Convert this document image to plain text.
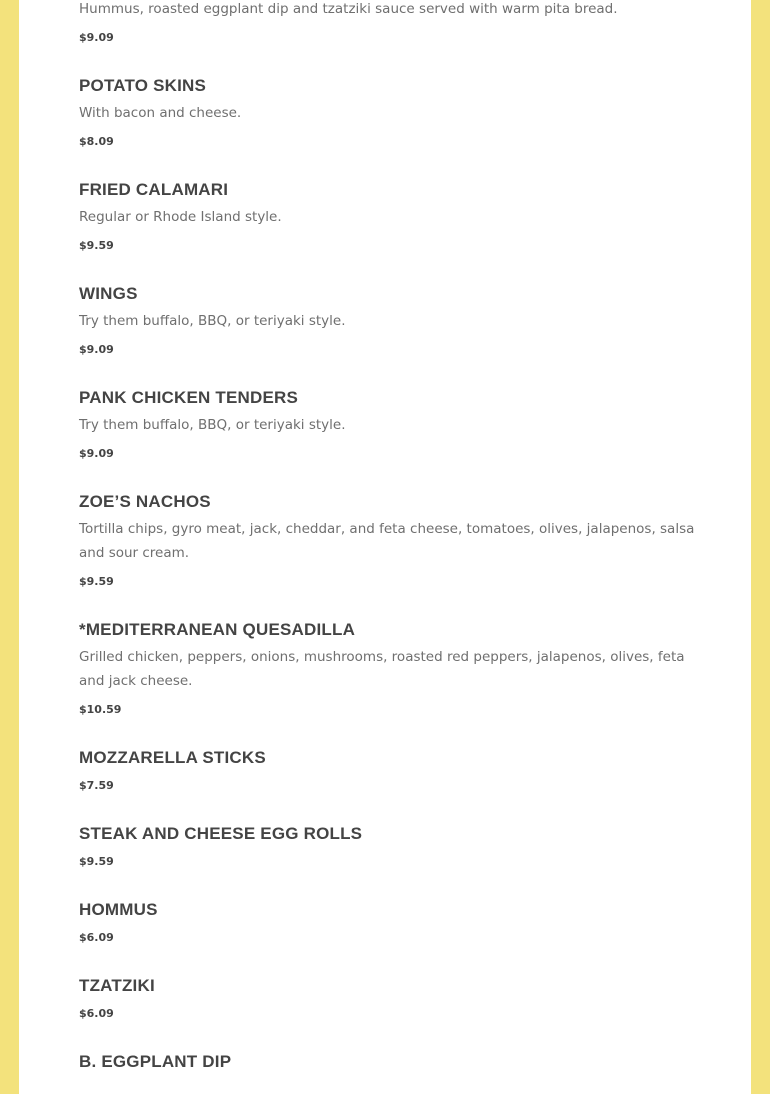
Hummus, roasted eggplant dip and tzatziki sauce served with warm pita bread.

$9.09

POTATO SKINS

With bacon and cheese.

$8.09

FRIED CALAMARI

Regular or Rhode Island style.

$9.59

WINGS

Try them buffalo, BBQ, or teriyaki style.

$9.09

PANK CHICKEN TENDERS

Try them buffalo, BBQ, or teriyaki style.

$9.09

ZOE’S NACHOS

Tortilla chips, gyro meat, jack, cheddar, and feta cheese, tomatoes, olives, jalapenos, salsa and sour cream.

$9.59

*MEDITERRANEAN QUESADILLA

Grilled chicken, peppers, onions, mushrooms, roasted red peppers, jalapenos, olives, feta and jack cheese.

$10.59

MOZZARELLA STICKS

$7.59

STEAK AND CHEESE EGG ROLLS

$9.59

HOMMUS

$6.09

TZATZIKI

$6.09

B. EGGPLANT DIP
